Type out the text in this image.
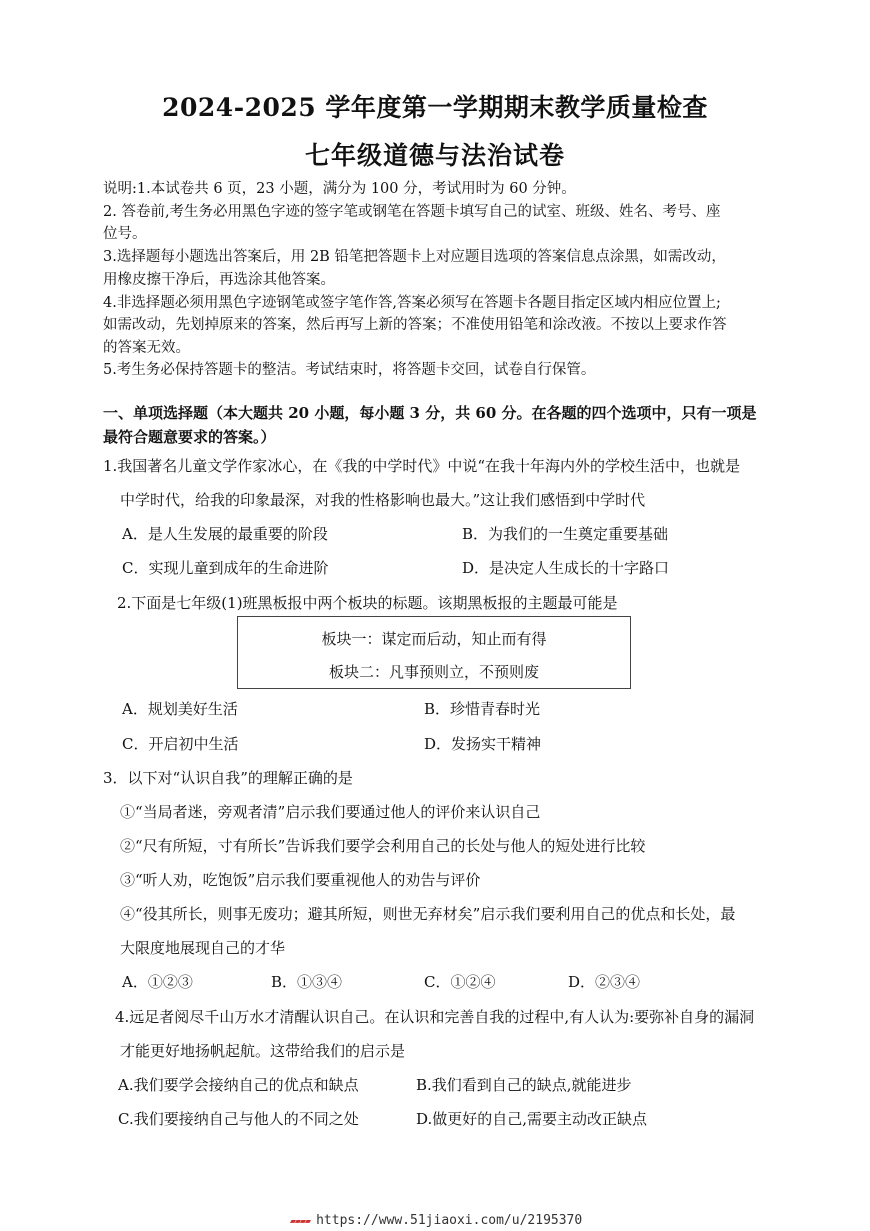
2024-2025 学年度第一学期期末教学质量检查
七年级道德与法治试卷
说明:1.本试卷共 6 页，23 小题，满分为 100 分，考试用时为 60 分钟。
2. 答卷前,考生务必用黑色字迹的签字笔或钢笔在答题卡填写自己的试室、班级、姓名、考号、座
位号。
3.选择题每小题选出答案后，用 2B 铅笔把答题卡上对应题目选项的答案信息点涂黑，如需改动，
用橡皮擦干净后，再选涂其他答案。
4.非选择题必须用黑色字迹钢笔或签字笔作答,答案必须写在答题卡各题目指定区域内相应位置上;
如需改动，先划掉原来的答案，然后再写上新的答案；不准使用铅笔和涂改液。不按以上要求作答
的答案无效。
5.考生务必保持答题卡的整洁。考试结束时，将答题卡交回，试卷自行保管。
一、单项选择题（本大题共 20 小题，每小题 3 分，共 60 分。在各题的四个选项中，只有一项是
最符合题意要求的答案。）
1.我国著名儿童文学作家冰心，在《我的中学时代》中说“在我十年海内外的学校生活中，也就是
中学时代，给我的印象最深，对我的性格影响也最大。”这让我们感悟到中学时代
A．是人生发展的最重要的阶段	B．为我们的一生奠定重要基础
C．实现儿童到成年的生命进阶	D．是决定人生成长的十字路口
2.下面是七年级(1)班黑板报中两个板块的标题。该期黑板报的主题最可能是
板块一：谋定而后动，知止而有得
板块二：凡事预则立，不预则废
A．规划美好生活	B．珍惜青春时光
C．开启初中生活	D．发扬实干精神
3．以下对“认识自我”的理解正确的是
①“当局者迷，旁观者清”启示我们要通过他人的评价来认识自己
②“尺有所短，寸有所长”告诉我们要学会利用自己的长处与他人的短处进行比较
③“听人劝，吃饱饭”启示我们要重视他人的劝告与评价
④“役其所长，则事无废功；避其所短，则世无弃材矣”启示我们要利用自己的优点和长处，最
大限度地展现自己的才华
A．①②③	B．①③④	C．①②④	D．②③④
4.远足者阅尽千山万水才清醒认识自己。在认识和完善自我的过程中,有人认为:要弥补自身的漏洞
才能更好地扬帆起航。这带给我们的启示是
A.我们要学会接纳自己的优点和缺点	B.我们看到自己的缺点,就能进步
C.我们要接纳自己与他人的不同之处	D.做更好的自己,需要主动改正缺点
▰▰▰▰ https://www.51jiaoxi.com/u/2195370
